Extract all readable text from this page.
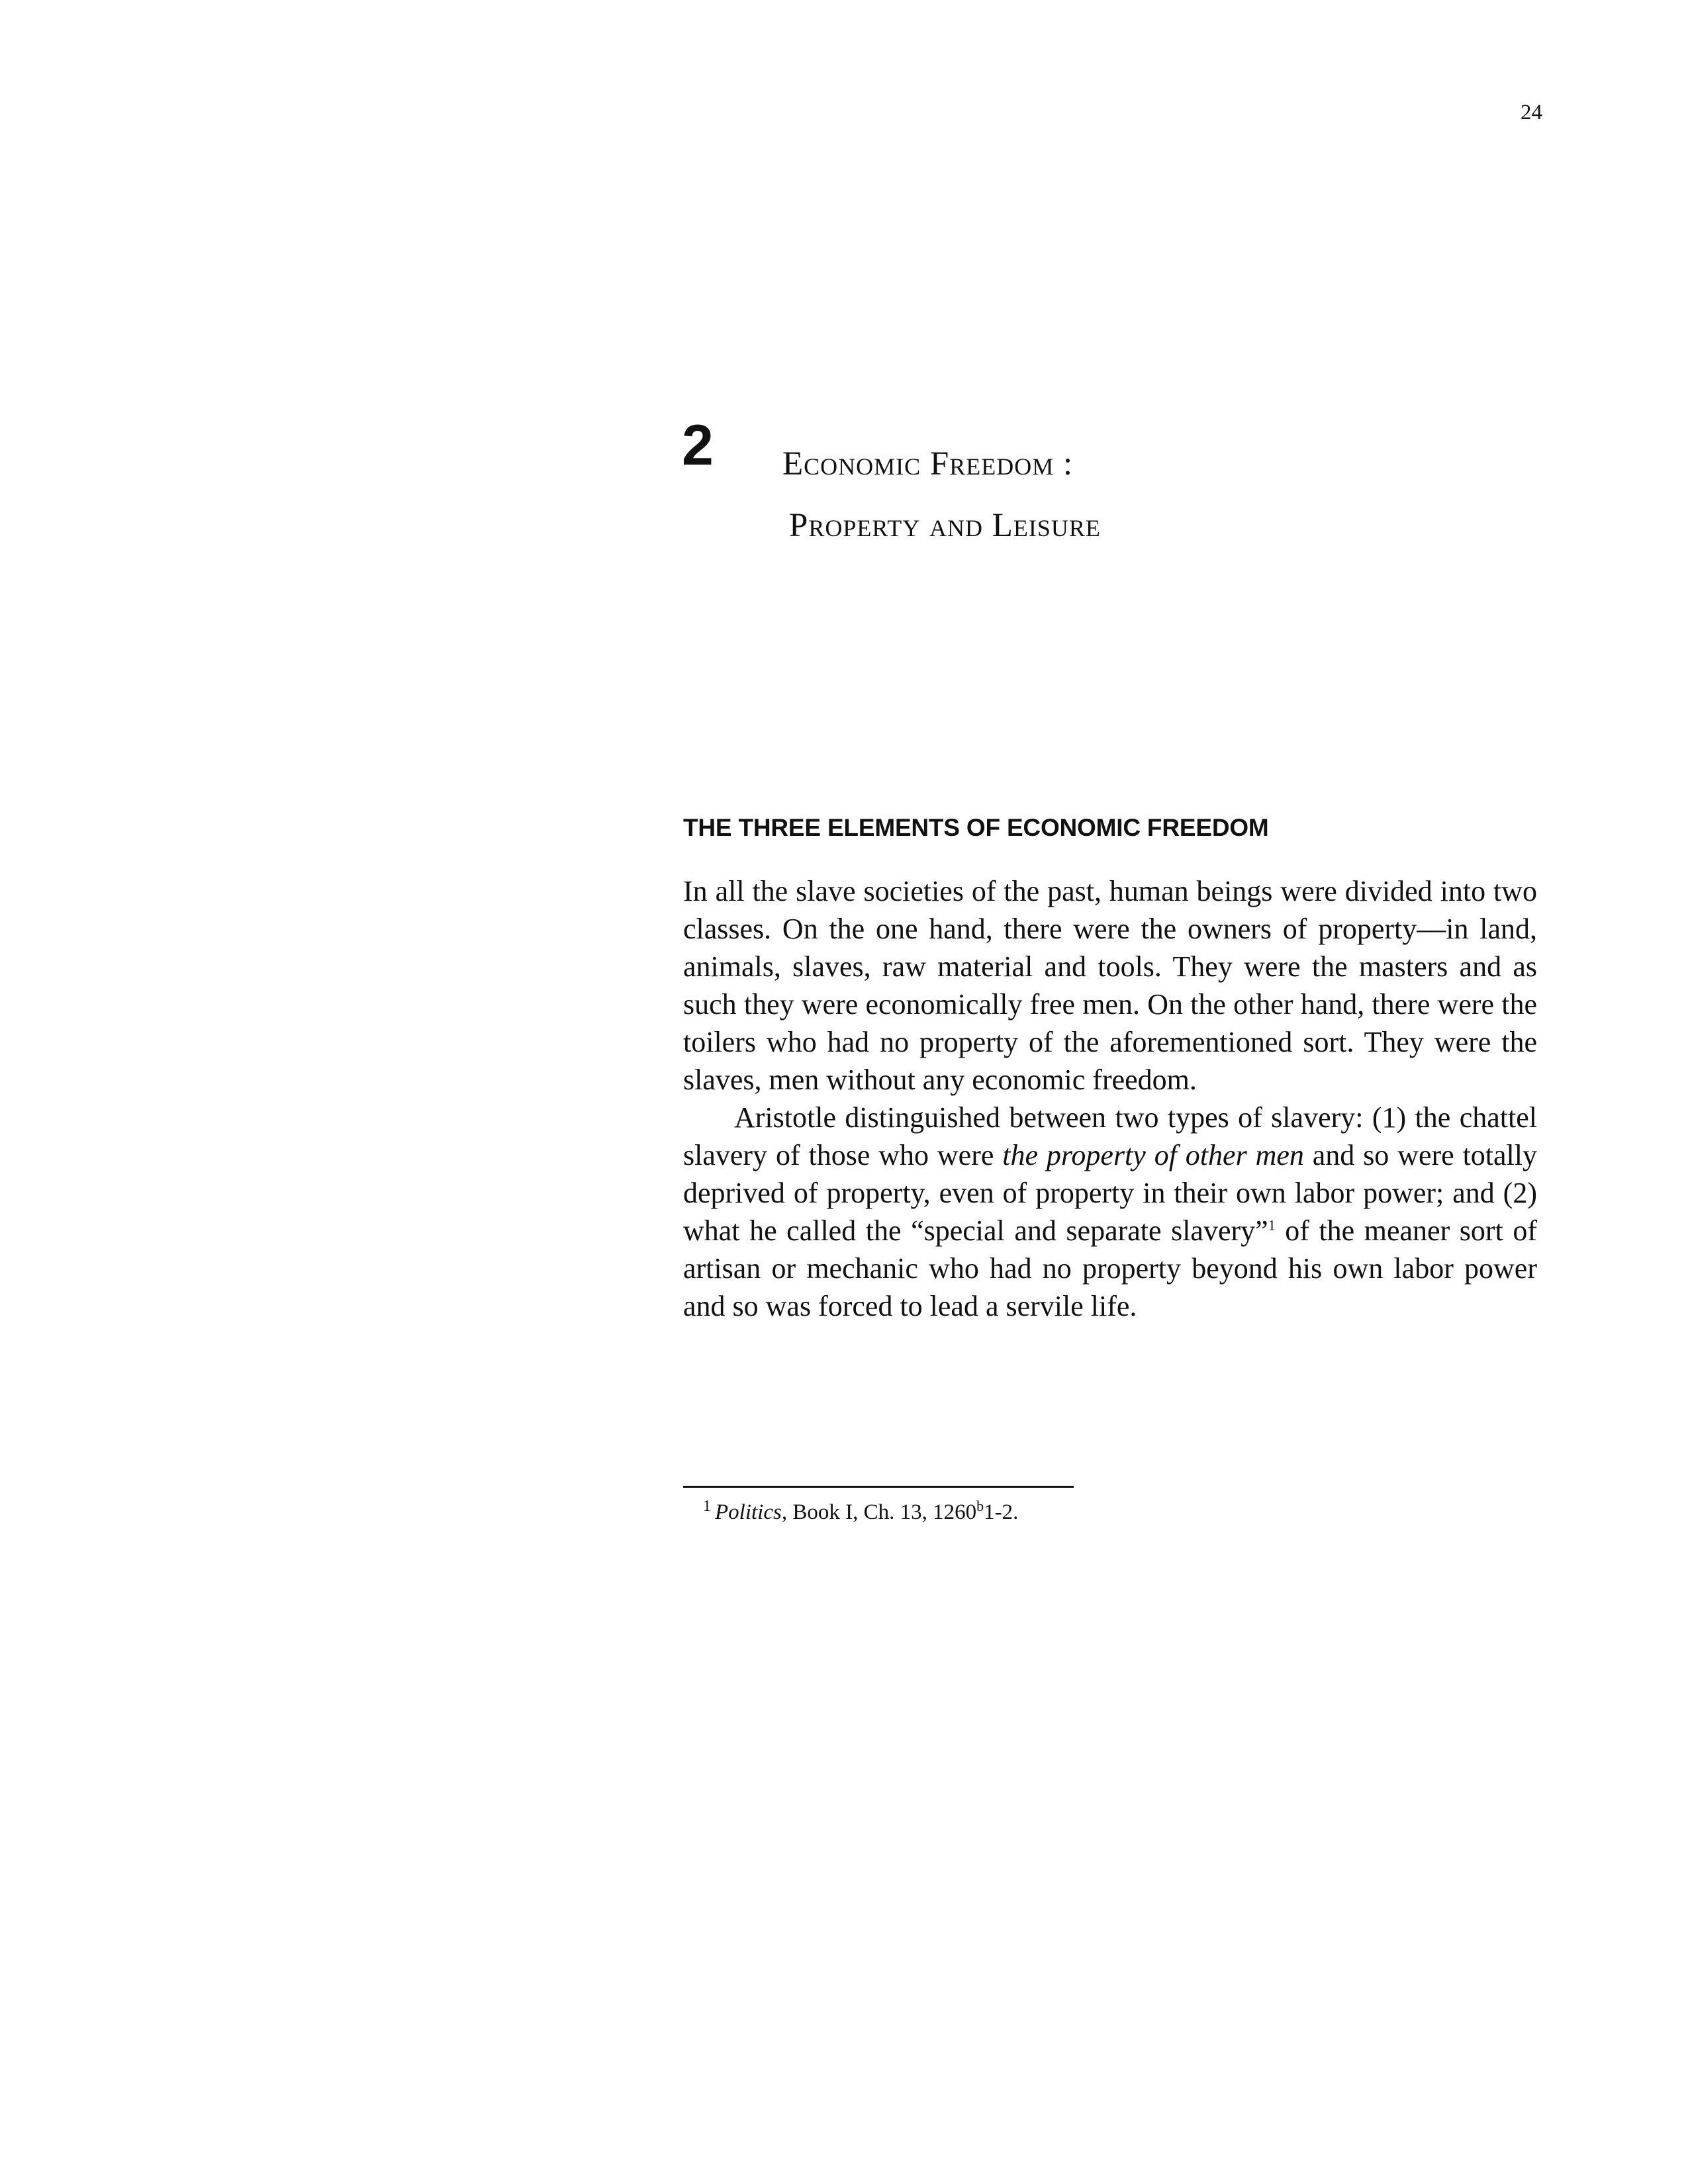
24
2 Economic Freedom :
Property and Leisure
THE THREE ELEMENTS OF ECONOMIC FREEDOM

In all the slave societies of the past, human beings were divided into two classes. On the one hand, there were the owners of property––in land, animals, slaves, raw material and tools. They were the masters and as such they were economically free men. On the other hand, there were the toilers who had no property of the aforementioned sort. They were the slaves, men without any economic freedom.

Aristotle distinguished between two types of slavery: (1) the chattel slavery of those who were the property of other men and so were totally deprived of property, even of property in their own labor power; and (2) what he called the “special and separate slavery”$^1$ of the meaner sort of artisan or mechanic who had no property beyond his own labor power and so was forced to lead a servile life.

$^1$ Politics, Book I, Ch. 13, 1260$^b$1-2.
